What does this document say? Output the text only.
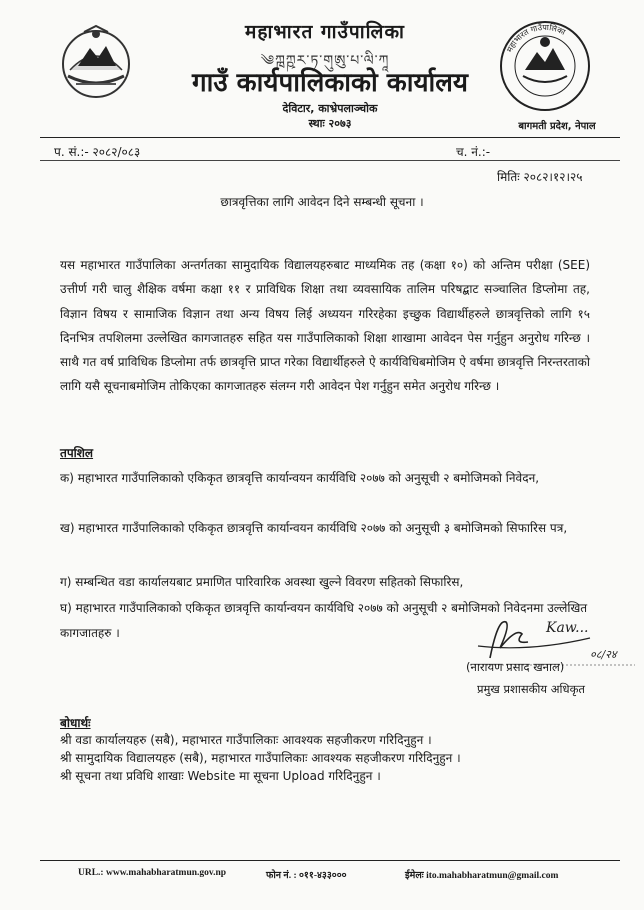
महाभारत गाउँपालिका
༄ཀྑཀྵར་ཏ་གུཨུ་པ་ལི་ཀཱ
गाउँ कार्यपालिकाको कार्यालय
देविटार, काभ्रेपलाञ्चोक
स्थाः २०७३
महाभारत गाउँपालिका
बागमती प्रदेश, नेपाल
प. सं.:- २०८२/०८३	च. नं.:-
मितिः २०८२।१२।२५
छात्रवृत्तिका लागि आवेदन दिने सम्बन्धी सूचना ।

यस महाभारत गाउँपालिका अन्तर्गतका सामुदायिक विद्यालयहरुबाट माध्यमिक तह (कक्षा १०) को अन्तिम परीक्षा (SEE) उत्तीर्ण गरी चालु शैक्षिक वर्षमा कक्षा ११ र प्राविधिक शिक्षा तथा व्यवसायिक तालिम परिषद्बाट सञ्चालित डिप्लोमा तह, विज्ञान विषय र सामाजिक विज्ञान तथा अन्य विषय लिई अध्ययन गरिरहेका इच्छुक विद्यार्थीहरुले छात्रवृत्तिको लागि १५ दिनभित्र तपशिलमा उल्लेखित कागजातहरु सहित यस गाउँपालिकाको शिक्षा शाखामा आवेदन पेस गर्नुहुन अनुरोध गरिन्छ । साथै गत वर्ष प्राविधिक डिप्लोमा तर्फ छात्रवृत्ति प्राप्त गरेका विद्यार्थीहरुले ऐ कार्यविधिबमोजिम ऐ वर्षमा छात्रवृत्ति निरन्तरताको लागि यसै सूचनाबमोजिम तोकिएका कागजातहरु संलग्न गरी आवेदन पेश गर्नुहुन समेत अनुरोध गरिन्छ ।

तपशिल

क) महाभारत गाउँपालिकाको एकिकृत छात्रवृत्ति कार्यान्वयन कार्यविधि २०७७ को अनुसूची २ बमोजिमको निवेदन,

ख) महाभारत गाउँपालिकाको एकिकृत छात्रवृत्ति कार्यान्वयन कार्यविधि २०७७ को अनुसूची ३ बमोजिमको सिफारिस पत्र,

ग) सम्बन्धित वडा कार्यालयबाट प्रमाणित पारिवारिक अवस्था खुल्ने विवरण सहितको सिफारिस,

घ) महाभारत गाउँपालिकाको एकिकृत छात्रवृत्ति कार्यान्वयन कार्यविधि २०७७ को अनुसूची २ बमोजिमको निवेदनमा उल्लेखित कागजातहरु ।	Kaw...
०८/२४
(नारायण प्रसाद खनाल)
प्रमुख प्रशासकीय अधिकृत
बोधार्थः
श्री वडा कार्यालयहरु (सबै), महाभारत गाउँपालिकाः आवश्यक सहजीकरण गरिदिनुहुन ।
श्री सामुदायिक विद्यालयहरु (सबै), महाभारत गाउँपालिकाः आवश्यक सहजीकरण गरिदिनुहुन ।
श्री सूचना तथा प्रविधि शाखाः Website मा सूचना Upload गरिदिनुहुन ।
URL.: www.mahabharatmun.gov.np	फोन नं. : ०११-४३३०००	ईमेलः ito.mahabharatmun@gmail.com
